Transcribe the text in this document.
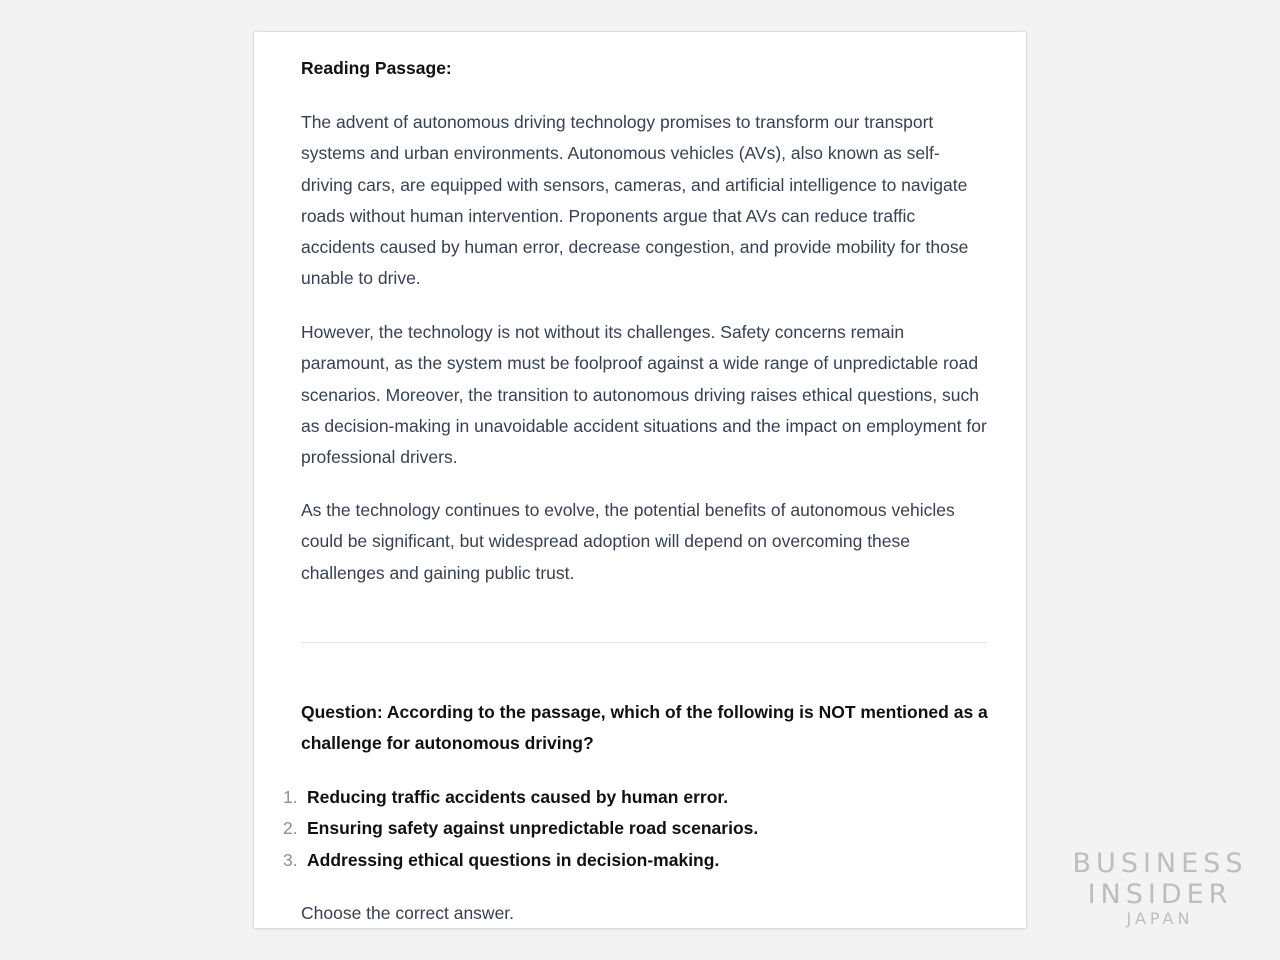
Reading Passage:

The advent of autonomous driving technology promises to transform our transport systems and urban environments. Autonomous vehicles (AVs), also known as self-driving cars, are equipped with sensors, cameras, and artificial intelligence to navigate roads without human intervention. Proponents argue that AVs can reduce traffic accidents caused by human error, decrease congestion, and provide mobility for those unable to drive.

However, the technology is not without its challenges. Safety concerns remain paramount, as the system must be foolproof against a wide range of unpredictable road scenarios. Moreover, the transition to autonomous driving raises ethical questions, such as decision-making in unavoidable accident situations and the impact on employment for professional drivers.

As the technology continues to evolve, the potential benefits of autonomous vehicles could be significant, but widespread adoption will depend on overcoming these challenges and gaining public trust.

Question: According to the passage, which of the following is NOT mentioned as a challenge for autonomous driving?

1. Reducing traffic accidents caused by human error.
2. Ensuring safety against unpredictable road scenarios.
3. Addressing ethical questions in decision-making.

Choose the correct answer.

BUSINESS
INSIDER
JAPAN
